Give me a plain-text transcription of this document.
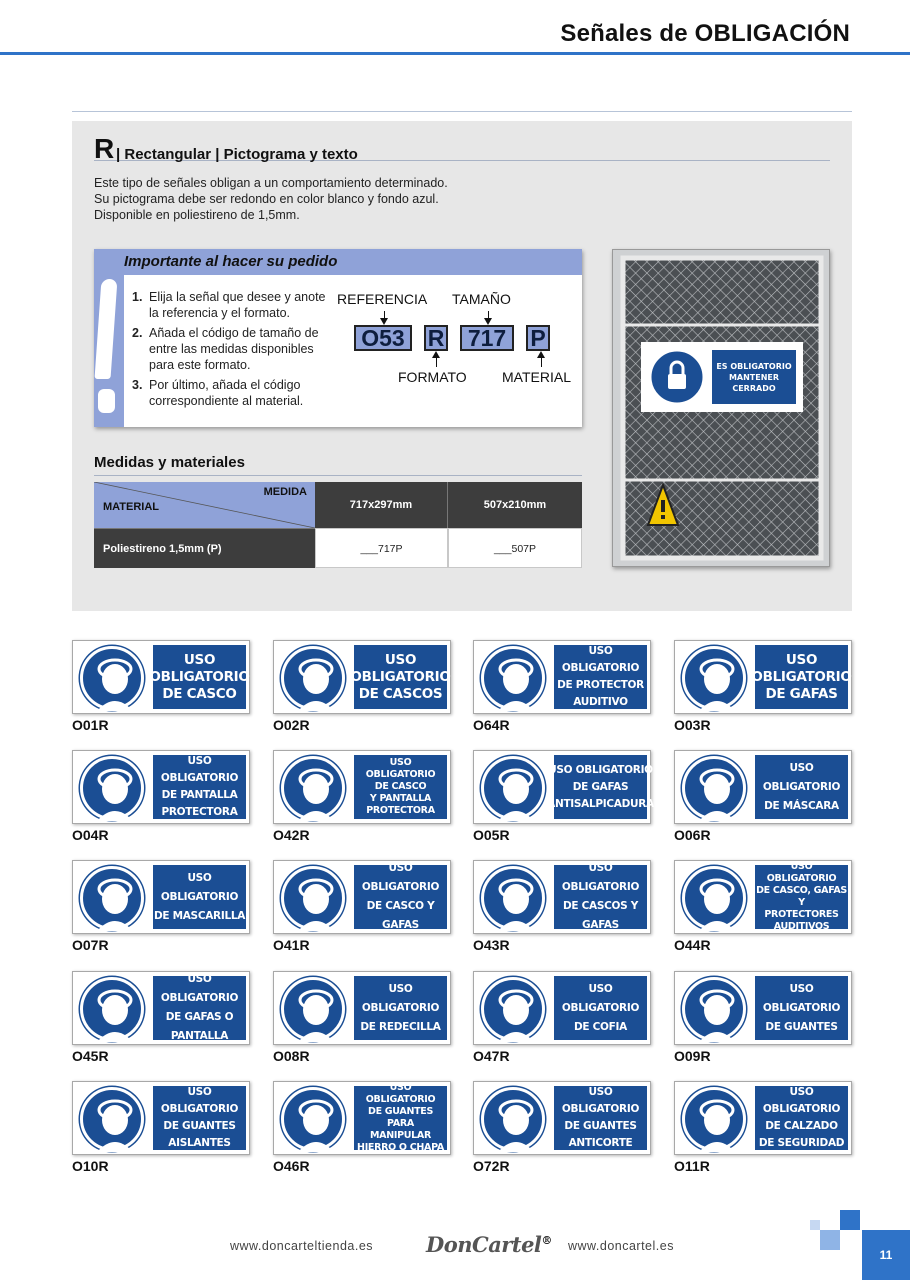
Señales de OBLIGACIÓN
R | Rectangular | Pictograma y texto
Este tipo de señales obligan a un comportamiento determinado.
Su pictograma debe ser redondo en color blanco y fondo azul.
Disponible en poliestireno de 1,5mm.
Importante al hacer su pedido
1. Elija la señal que desee y anote
la referencia y el formato.
2. Añada el código de tamaño de
entre las medidas disponibles
para este formato.
3. Por último, añada el código
correspondiente al material.
REFERENCIA TAMAÑO
O53 R	717	P
FORMATO	MATERIAL
Medidas y materiales
MEDIDA
MATERIAL	717x297mm	507x210mm
Poliestireno 1,5mm (P)	___717P	___507P
ES OBLIGATORIO
MANTENER CERRADO
USO
OBLIGATORIO
DE CASCO
O01R
USO
OBLIGATORIO
DE CASCOS
O02R
USO OBLIGATORIO
DE PROTECTOR
AUDITIVO
O64R
USO
OBLIGATORIO
DE GAFAS
O03R
USO OBLIGATORIO
DE PANTALLA
PROTECTORA
O04R
USO OBLIGATORIO
DE CASCO
Y PANTALLA
PROTECTORA
O42R
USO OBLIGATORIO
DE GAFAS
ANTISALPICADURA
O05R
USO OBLIGATORIO
DE MÁSCARA
O06R
USO OBLIGATORIO
DE MASCARILLA
O07R
USO OBLIGATORIO
DE CASCO Y GAFAS
O41R
USO OBLIGATORIO
DE CASCOS Y GAFAS
O43R
USO OBLIGATORIO
DE CASCO, GAFAS Y
PROTECTORES
AUDITIVOS
O44R
USO OBLIGATORIO
DE GAFAS O PANTALLA
O45R
USO OBLIGATORIO
DE REDECILLA
O08R
USO OBLIGATORIO
DE COFIA
O47R
USO OBLIGATORIO
DE GUANTES
O09R
USO OBLIGATORIO
DE GUANTES
AISLANTES
O10R
USO OBLIGATORIO
DE GUANTES PARA
MANIPULAR
HIERRO O CHAPA
O46R
USO OBLIGATORIO
DE GUANTES
ANTICORTE
O72R
USO OBLIGATORIO
DE CALZADO
DE SEGURIDAD
O11R
www.doncarteltienda.es	DonCartel® www.doncartel.es
11
